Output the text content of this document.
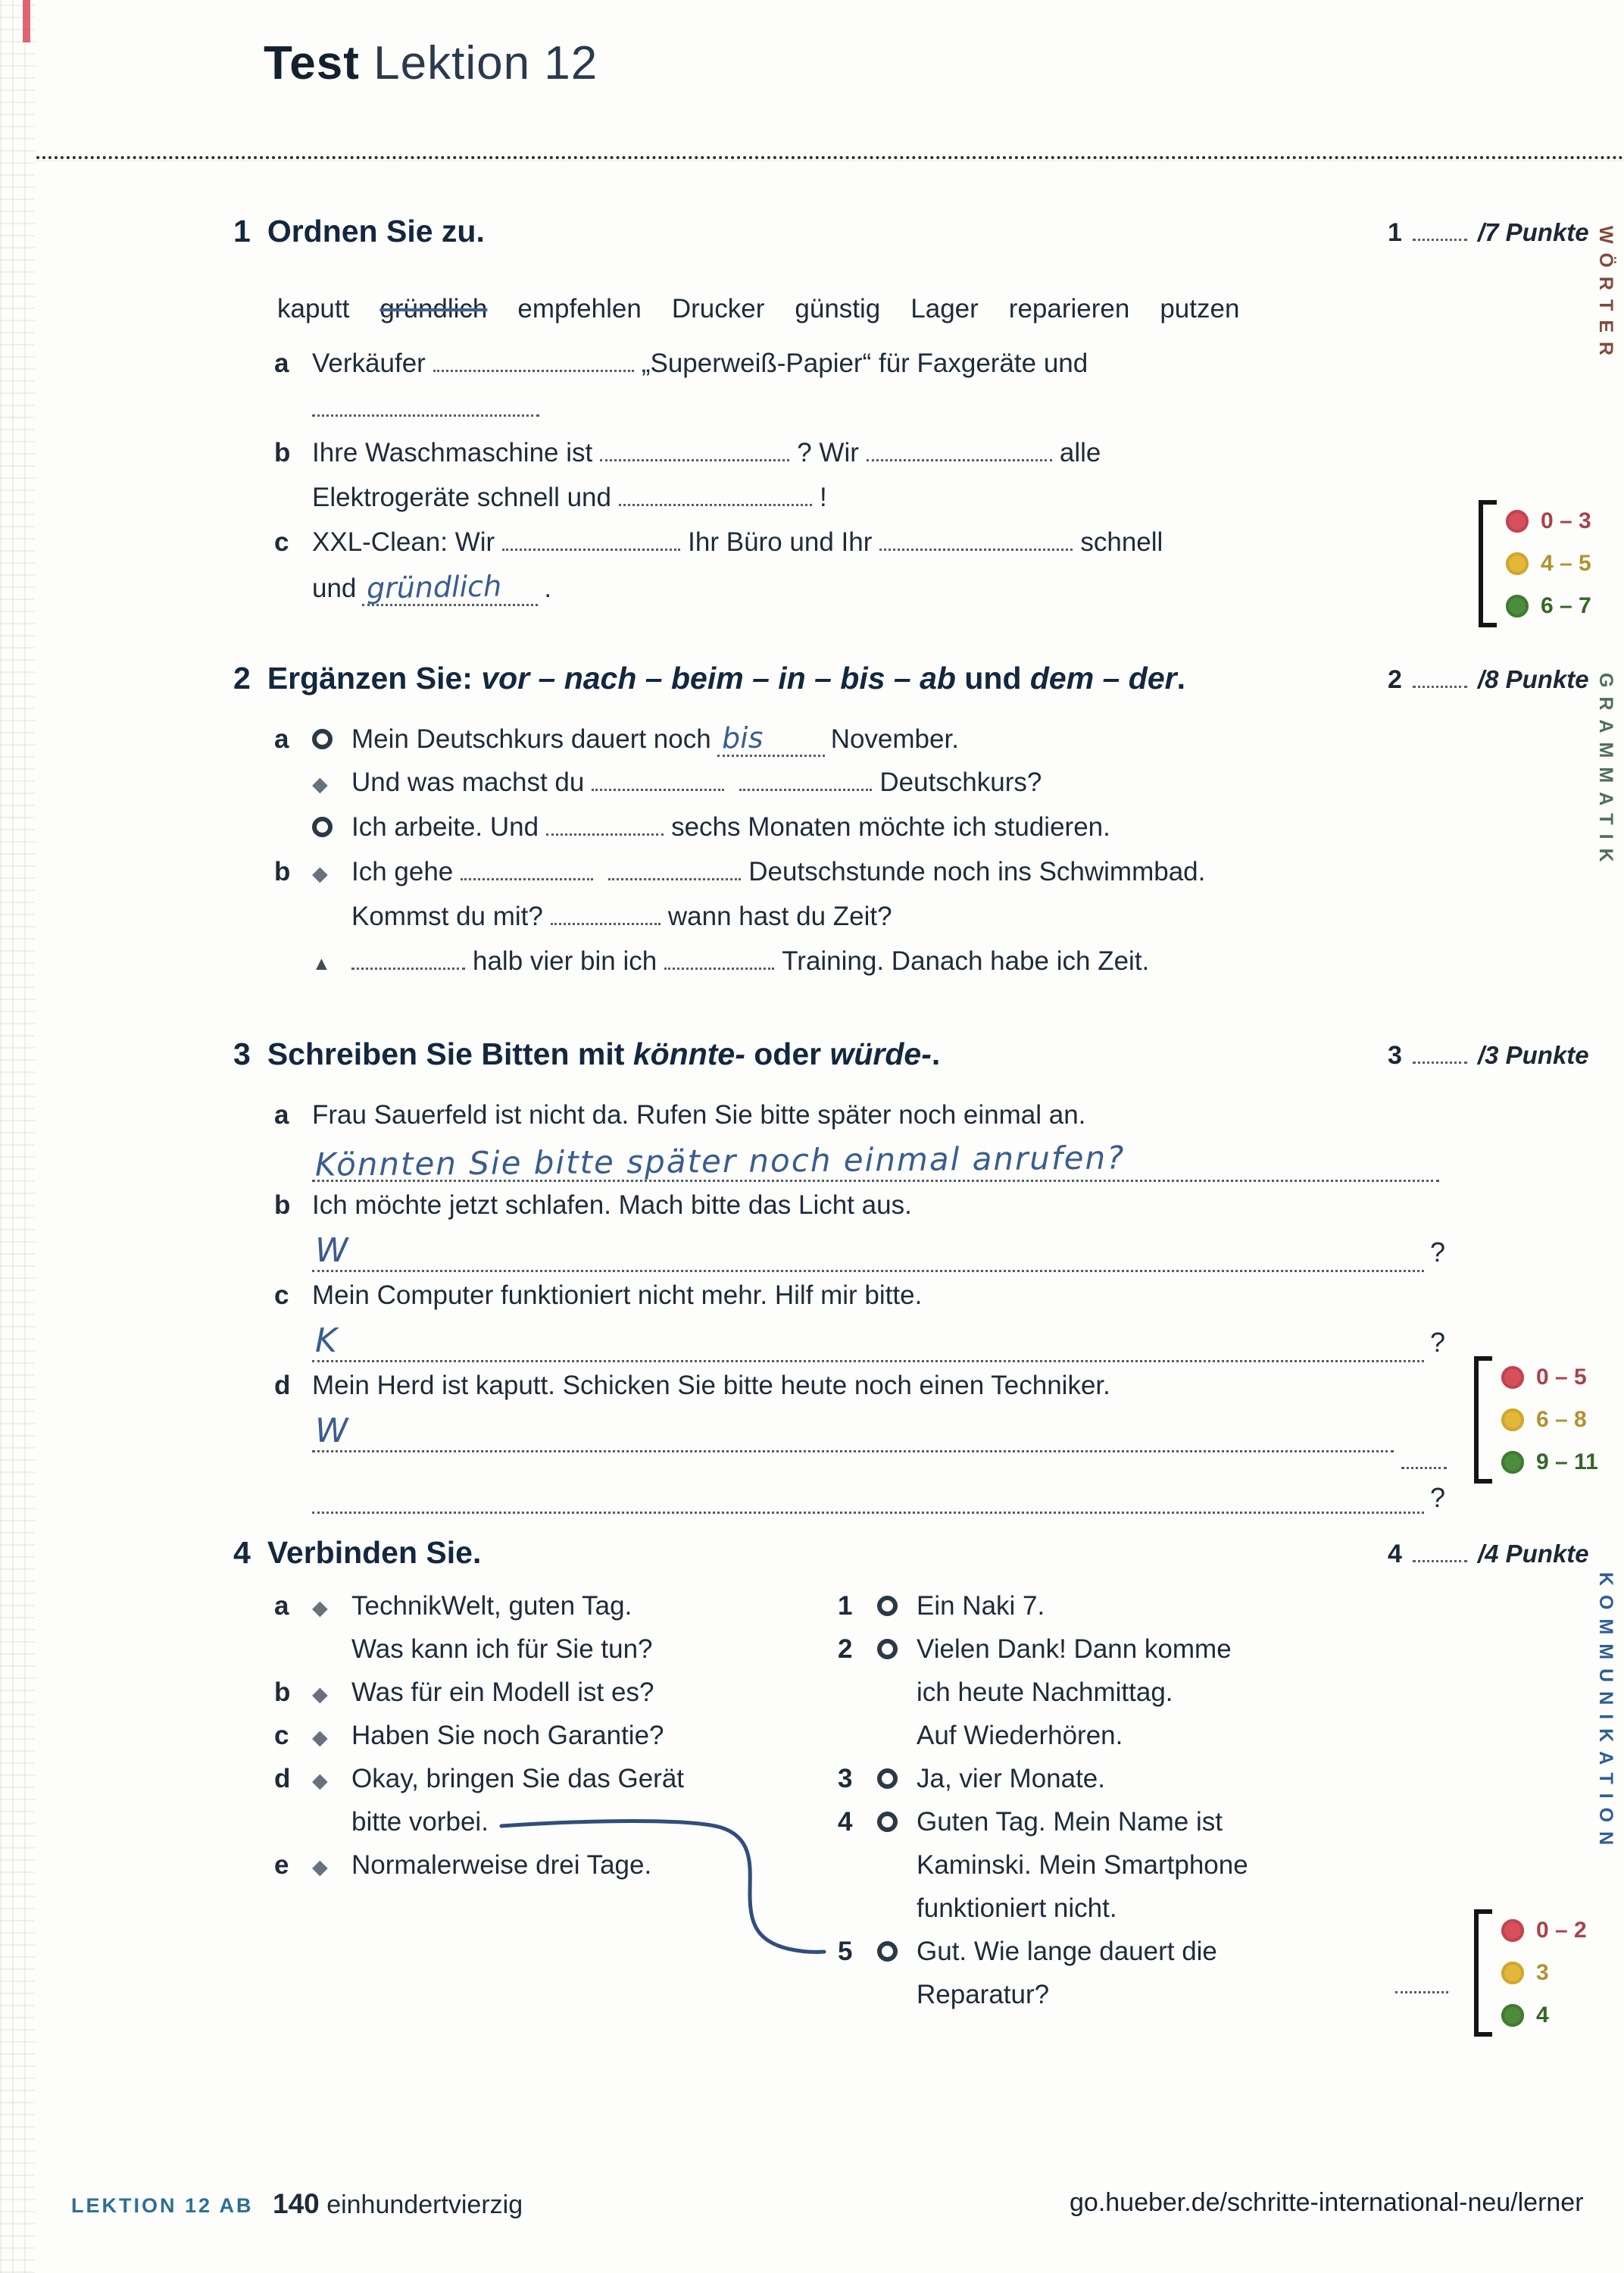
Test Lektion 12
WÖRTER
GRAMMATIK
KOMMUNIKATION
1 Ordnen Sie zu.	1	/7 Punkte
kaputt gründlich empfehlen Drucker günstig Lager reparieren putzen
a Verkäufer	„Superweiß-Papier“ für Faxgeräte und
b Ihre Waschmaschine ist	? Wir	alle
Elektrogeräte schnell und	!
c XXL-Clean: Wir	Ihr Büro und Ihr	schnell
und gründlich .
0 – 3
4 – 5
6 – 7
2 Ergänzen Sie: vor – nach – beim – in – bis – ab und dem – der.	2	/8 Punkte
a	Mein Deutschkurs dauert noch bis	November.
◆ Und was machst du	Deutschkurs?
Ich arbeite. Und	sechs Monaten möchte ich studieren.
b	◆ Ich gehe	Deutschstunde noch ins Schwimmbad.
Kommst du mit?	wann hast du Zeit?
▲	halb vier bin ich	Training. Danach habe ich Zeit.
3 Schreiben Sie Bitten mit könnte- oder würde-.	3	/3 Punkte
a Frau Sauerfeld ist nicht da. Rufen Sie bitte später noch einmal an.
Könnten Sie bitte später noch einmal anrufen?
b Ich möchte jetzt schlafen. Mach bitte das Licht aus.
W	?
c Mein Computer funktioniert nicht mehr. Hilf mir bitte.
K	?
d Mein Herd ist kaputt. Schicken Sie bitte heute noch einen Techniker.
W
?
0 – 5
6 – 8
9 – 11
4 Verbinden Sie.	4	/4 Punkte
a	◆ TechnikWelt, guten Tag.
Was kann ich für Sie tun?
b	◆ Was für ein Modell ist es?
c	◆ Haben Sie noch Garantie?
d	◆ Okay, bringen Sie das Gerät
bitte vorbei.
e	◆ Normalerweise drei Tage.
1	Ein Naki 7.
2	Vielen Dank! Dann komme
ich heute Nachmittag.
Auf Wiederhören.
3	Ja, vier Monate.
4	Guten Tag. Mein Name ist
Kaminski. Mein Smartphone
funktioniert nicht.
5	Gut. Wie lange dauert die
Reparatur?
0 – 2
3
4
LEKTION 12 AB 140 einhundertvierzig	go.hueber.de/schritte-international-neu/lerner
